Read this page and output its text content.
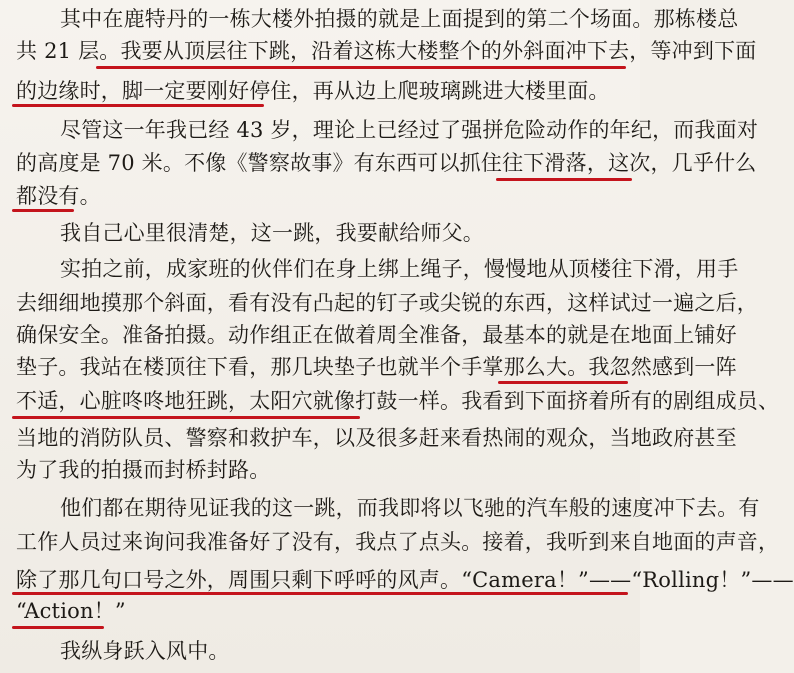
其中在鹿特丹的一栋大楼外拍摄的就是上面提到的第二个场面。那栋楼总
共 21 层。我要从顶层往下跳，沿着这栋大楼整个的外斜面冲下去，等冲到下面
的边缘时，脚一定要刚好停住，再从边上爬玻璃跳进大楼里面。
尽管这一年我已经 43 岁，理论上已经过了强拼危险动作的年纪，而我面对
的高度是 70 米。不像《警察故事》有东西可以抓住往下滑落，这次，几乎什么
都没有。
我自己心里很清楚，这一跳，我要献给师父。
实拍之前，成家班的伙伴们在身上绑上绳子，慢慢地从顶楼往下滑，用手
去细细地摸那个斜面，看有没有凸起的钉子或尖锐的东西，这样试过一遍之后，
确保安全。准备拍摄。动作组正在做着周全准备，最基本的就是在地面上铺好
垫子。我站在楼顶往下看，那几块垫子也就半个手掌那么大。我忽然感到一阵
不适，心脏咚咚地狂跳，太阳穴就像打鼓一样。我看到下面挤着所有的剧组成员、
当地的消防队员、警察和救护车，以及很多赶来看热闹的观众，当地政府甚至
为了我的拍摄而封桥封路。
他们都在期待见证我的这一跳，而我即将以飞驰的汽车般的速度冲下去。有
工作人员过来询问我准备好了没有，我点了点头。接着，我听到来自地面的声音，
除了那几句口号之外，周围只剩下呼呼的风声。“Camera！”——“Rolling！”——
“Action！”
我纵身跃入风中。
